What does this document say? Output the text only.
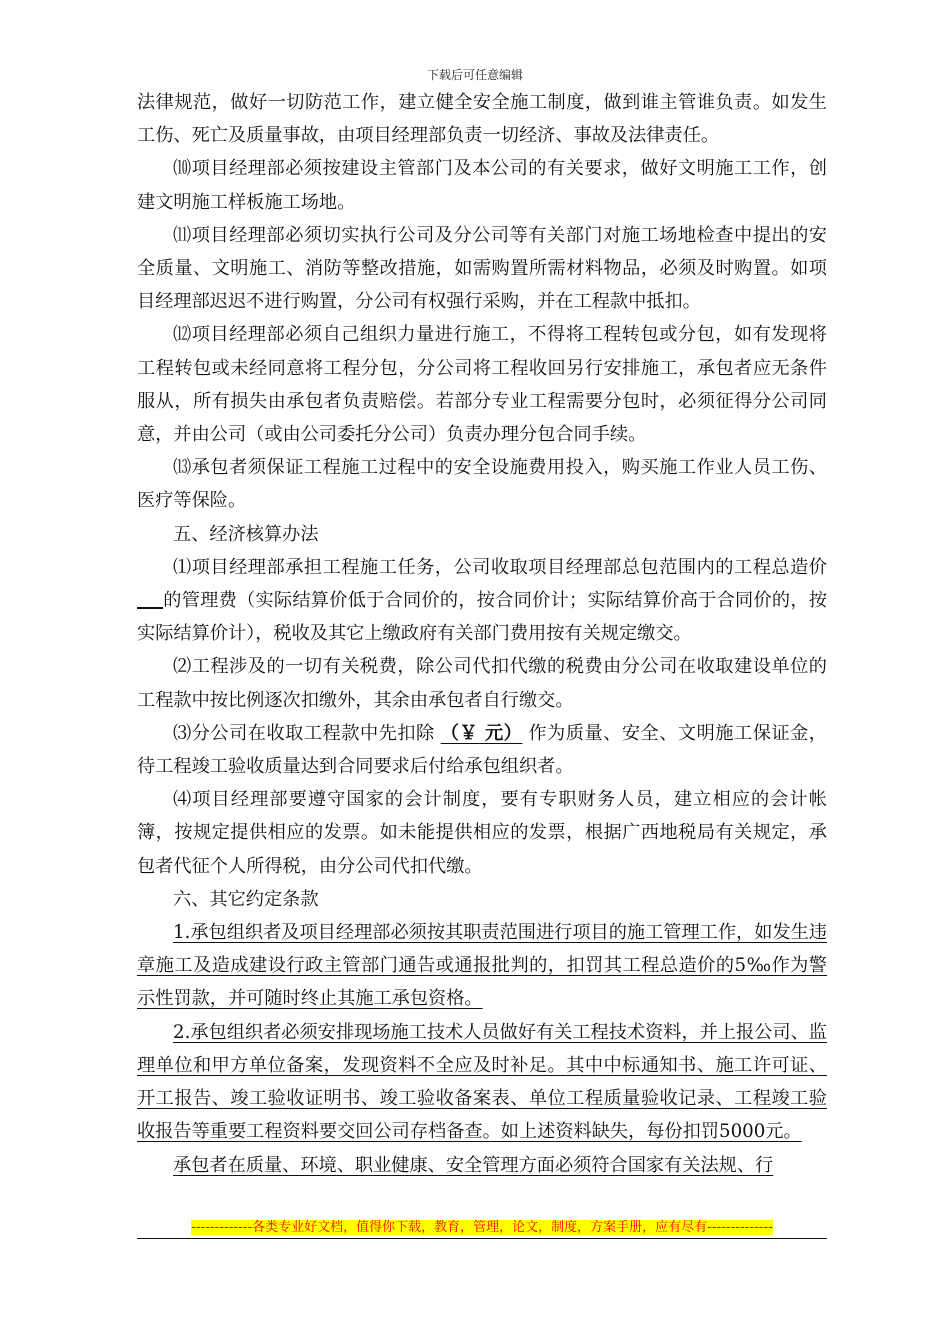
下载后可任意编辑

法律规范，做好一切防范工作，建立健全安全施工制度，做到谁主管谁负责。如发生工伤、死亡及质量事故，由项目经理部负责一切经济、事故及法律责任。

⑽项目经理部必须按建设主管部门及本公司的有关要求，做好文明施工工作，创建文明施工样板施工场地。

⑾项目经理部必须切实执行公司及分公司等有关部门对施工场地检查中提出的安全质量、文明施工、消防等整改措施，如需购置所需材料物品，必须及时购置。如项目经理部迟迟不进行购置，分公司有权强行采购，并在工程款中抵扣。

⑿项目经理部必须自己组织力量进行施工，不得将工程转包或分包，如有发现将工程转包或未经同意将工程分包，分公司将工程收回另行安排施工，承包者应无条件服从，所有损失由承包者负责赔偿。若部分专业工程需要分包时，必须征得分公司同意，并由公司（或由公司委托分公司）负责办理分包合同手续。

⒀承包者须保证工程施工过程中的安全设施费用投入，购买施工作业人员工伤、医疗等保险。

五、经济核算办法

⑴项目经理部承担工程施工任务，公司收取项目经理部总包范围内的工程总造价的管理费（实际结算价低于合同价的，按合同价计；实际结算价高于合同价的，按实际结算价计），税收及其它上缴政府有关部门费用按有关规定缴交。

⑵工程涉及的一切有关税费，除公司代扣代缴的税费由分公司在收取建设单位的工程款中按比例逐次扣缴外，其余由承包者自行缴交。

⑶分公司在收取工程款中先扣除 （￥ 元） 作为质量、安全、文明施工保证金，待工程竣工验收质量达到合同要求后付给承包组织者。

⑷项目经理部要遵守国家的会计制度，要有专职财务人员，建立相应的会计帐簿，按规定提供相应的发票。如未能提供相应的发票，根据广西地税局有关规定，承包者代征个人所得税，由分公司代扣代缴。

六、其它约定条款

1.承包组织者及项目经理部必须按其职责范围进行项目的施工管理工作，如发生违章施工及造成建设行政主管部门通告或通报批判的，扣罚其工程总造价的5‰作为警示性罚款，并可随时终止其施工承包资格。

2.承包组织者必须安排现场施工技术人员做好有关工程技术资料，并上报公司、监理单位和甲方单位备案，发现资料不全应及时补足。其中中标通知书、施工许可证、开工报告、竣工验收证明书、竣工验收备案表、单位工程质量验收记录、工程竣工验收报告等重要工程资料要交回公司存档备查。如上述资料缺失，每份扣罚5000元。

承包者在质量、环境、职业健康、安全管理方面必须符合国家有关法规、行

-------------各类专业好文档，值得你下载，教育，管理，论文，制度，方案手册，应有尽有--------------
